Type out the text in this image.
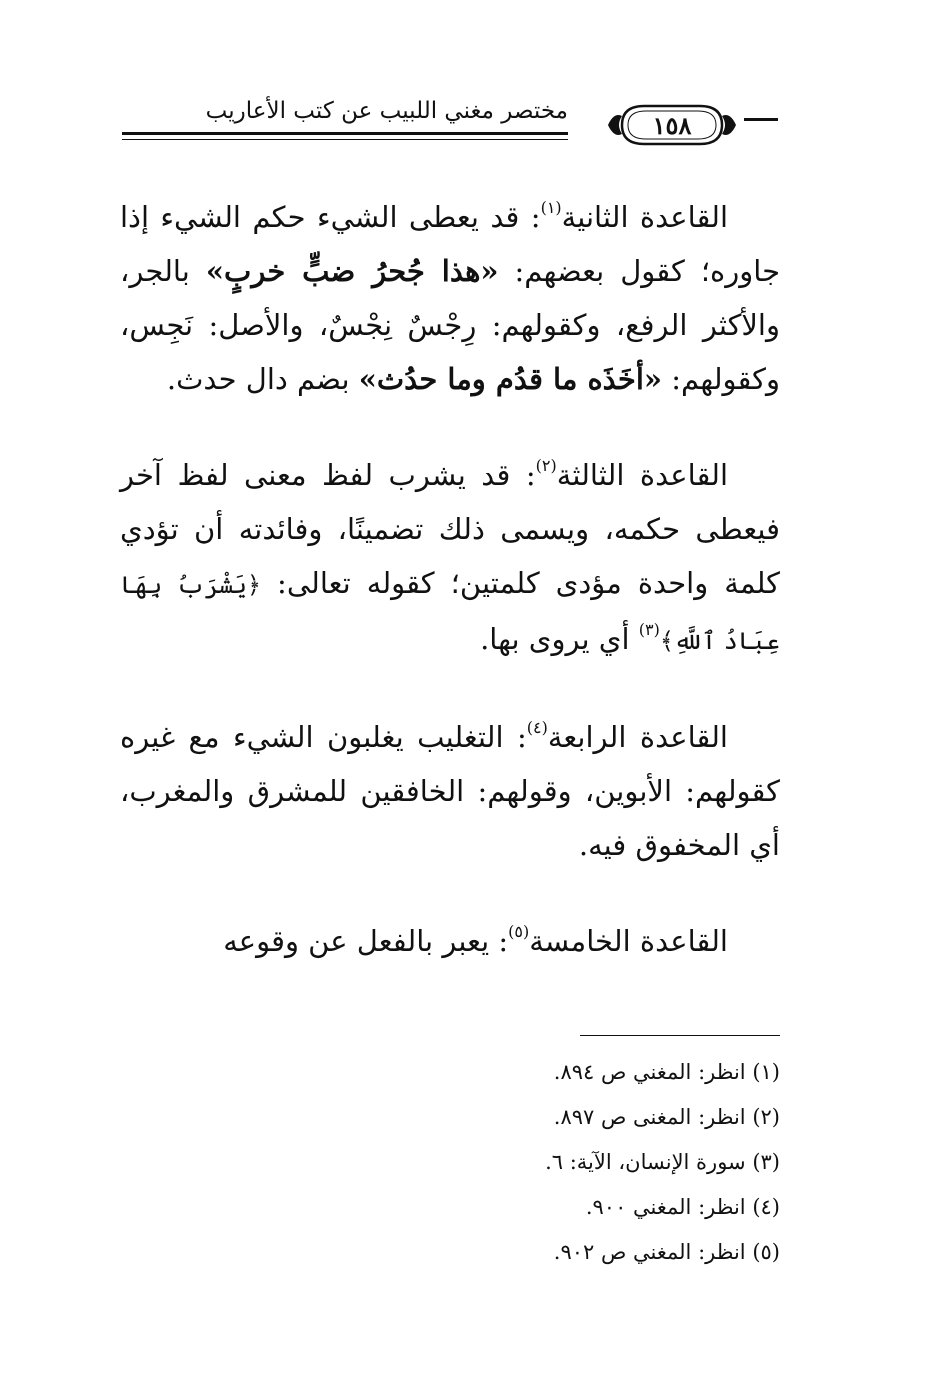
مختصر مغني اللبيب عن كتب الأعاريب	١٥٨

القاعدة الثانية$^{(١)}$: قد يعطى الشيء حكم الشيء إذا جاوره؛ كقول بعضهم: «هذا جُحرُ ضبٍّ خربٍ» بالجر، والأكثر الرفع، وكقولهم: رِجْسٌ نِجْسٌ، والأصل: نَجِس، وكقولهم: «أخَذَه ما قدُم وما حدُث» بضم دال حدث.

القاعدة الثالثة$^{(٢)}$: قد يشرب لفظ معنى لفظ آخر فيعطى حكمه، ويسمى ذلك تضمينًا، وفائدته أن تؤدي كلمة واحدة مؤدى كلمتين؛ كقوله تعالى: ﴿يَشْرَبُ بِهَا عِبَادُ ٱللَّهِ﴾$^{(٣)}$ أي يروى بها.

القاعدة الرابعة$^{(٤)}$: التغليب يغلبون الشيء مع غيره كقولهم: الأبوين، وقولهم: الخافقين للمشرق والمغرب، أي المخفوق فيه.

القاعدة الخامسة$^{(٥)}$: يعبر بالفعل عن وقوعه

(١) انظر: المغني ص ٨٩٤.
(٢) انظر: المغنى ص ٨٩٧.
(٣) سورة الإنسان، الآية: ٦.
(٤) انظر: المغني ٩٠٠.
(٥) انظر: المغني ص ٩٠٢.
